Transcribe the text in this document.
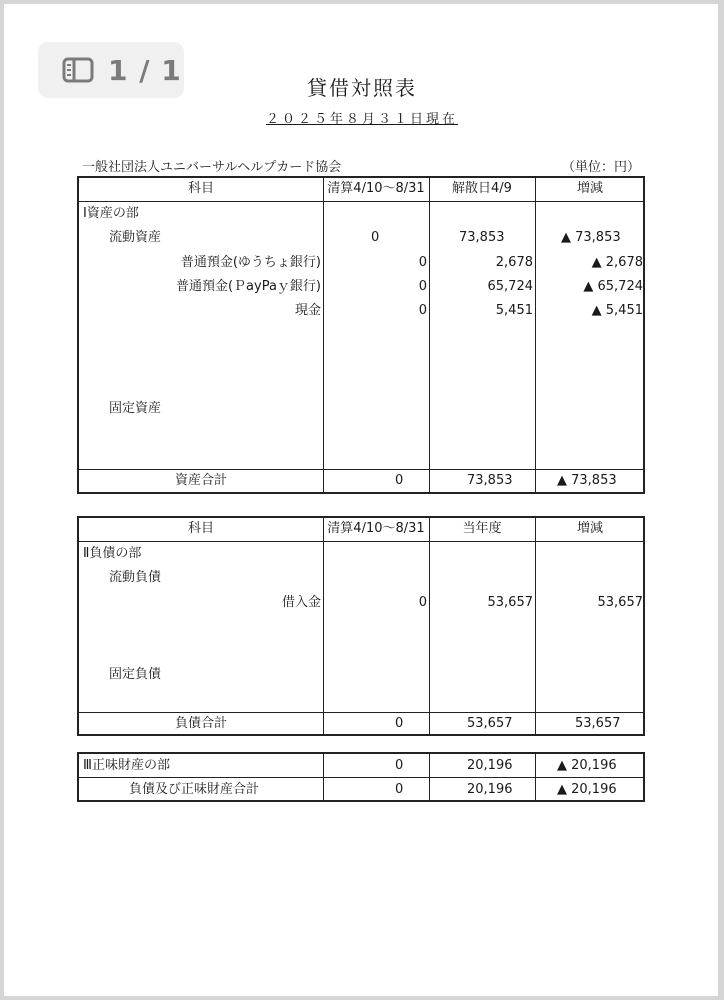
1 / 1
貸借対照表
２０２５年８月３１日現在
一般社団法人ユニバーサルヘルプカード協会	（単位：円）
科目	清算4/10～8/31	解散日4/9	増減
Ⅰ資産の部
流動資産	0	73,853	▲ 73,853
普通預金(ゆうちょ銀行)	0	2,678	▲ 2,678
普通預金(ＰayPaｙ銀行)	0	65,724	▲ 65,724
現金	0	5,451	▲ 5,451
固定資産
資産合計	0	73,853	▲ 73,853
科目	清算4/10～8/31	当年度	増減
Ⅱ負債の部
流動負債
借入金	0	53,657	53,657
固定負債
負債合計	0	53,657	53,657
Ⅲ正味財産の部	0	20,196	▲ 20,196
負債及び正味財産合計	0	20,196	▲ 20,196
